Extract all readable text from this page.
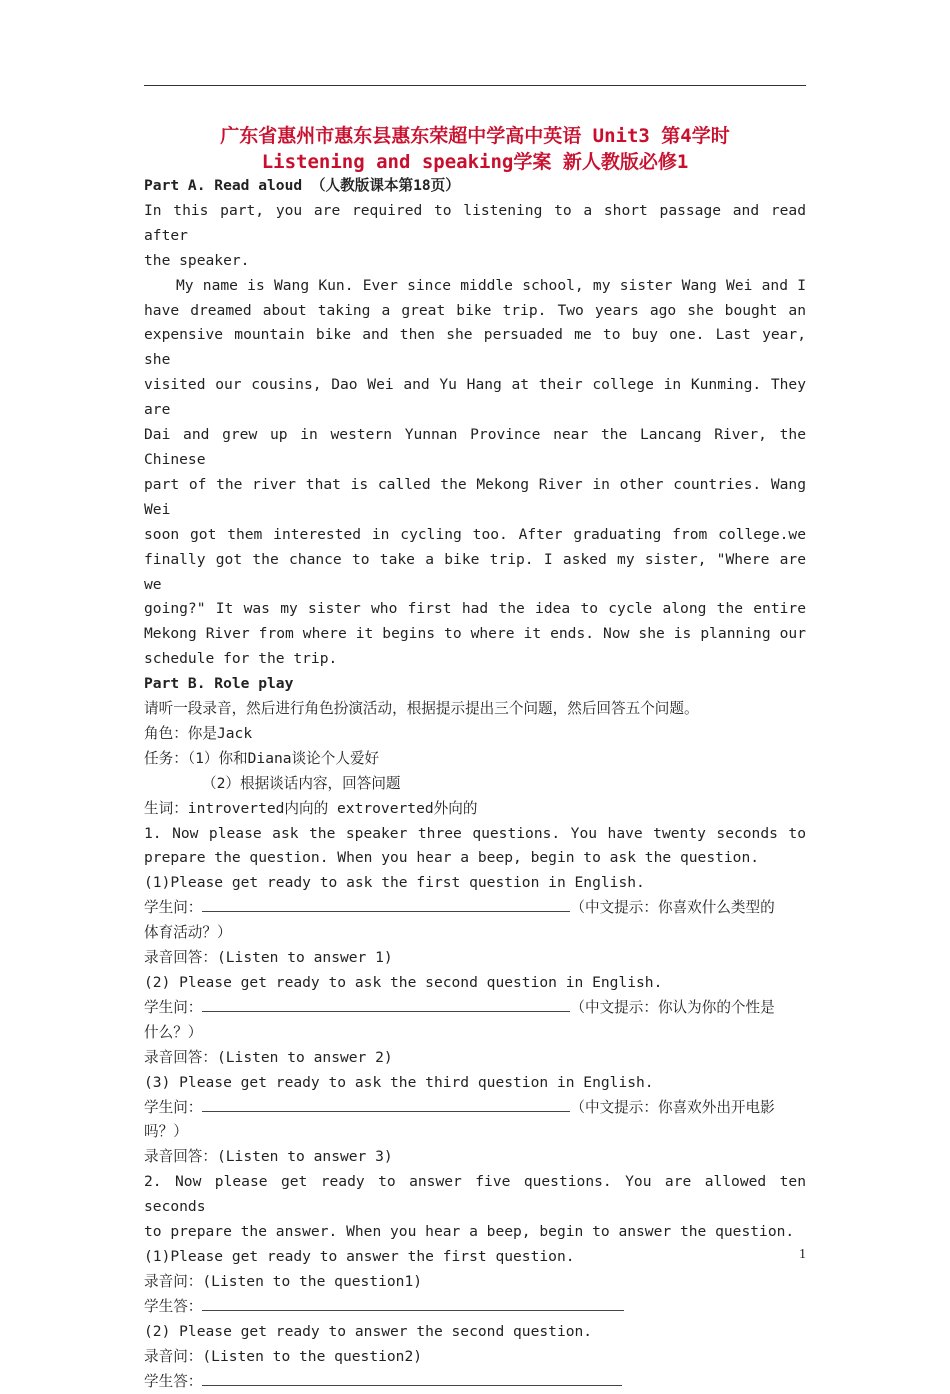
广东省惠州市惠东县惠东荣超中学高中英语 Unit3 第4学时
Listening and speaking学案 新人教版必修1

Part A. Read aloud （人教版课本第18页）

In this part, you are required to listening to a short passage and read after

the speaker.

My name is Wang Kun. Ever since middle school, my sister Wang Wei and I

have dreamed about taking a great bike trip. Two years ago she bought an

expensive mountain bike and then she persuaded me to buy one. Last year, she

visited our cousins, Dao Wei and Yu Hang at their college in Kunming. They are

Dai and grew up in western Yunnan Province near the Lancang River, the Chinese

part of the river that is called the Mekong River in other countries. Wang Wei

soon got them interested in cycling too. After graduating from college.we

finally got the chance to take a bike trip. I asked my sister, "Where are we

going?" It was my sister who first had the idea to cycle along the entire

Mekong River from where it begins to where it ends. Now she is planning our

schedule for the trip.

Part B. Role play

请听一段录音，然后进行角色扮演活动，根据提示提出三个问题，然后回答五个问题。

角色：你是Jack

任务：（1）你和Diana谈论个人爱好

（2）根据谈话内容，回答问题

生词：introverted内向的 extroverted外向的

1. Now please ask the speaker three questions. You have twenty seconds to

prepare the question. When you hear a beep, begin to ask the question.

(1)Please get ready to ask the first question in English.

学生问：	（中文提示：你喜欢什么类型的

体育活动？）

录音回答：(Listen to answer 1)

(2) Please get ready to ask the second question in English.

学生问：	（中文提示：你认为你的个性是

什么？）

录音回答：(Listen to answer 2)

(3) Please get ready to ask the third question in English.

学生问：	（中文提示：你喜欢外出开电影

吗？）

录音回答：(Listen to answer 3)

2. Now please get ready to answer five questions. You are allowed ten seconds

to prepare the answer. When you hear a beep, begin to answer the question.

(1)Please get ready to answer the first question.

录音问：(Listen to the question1)

学生答：

(2) Please get ready to answer the second question.

录音问：(Listen to the question2)

学生答：

1
